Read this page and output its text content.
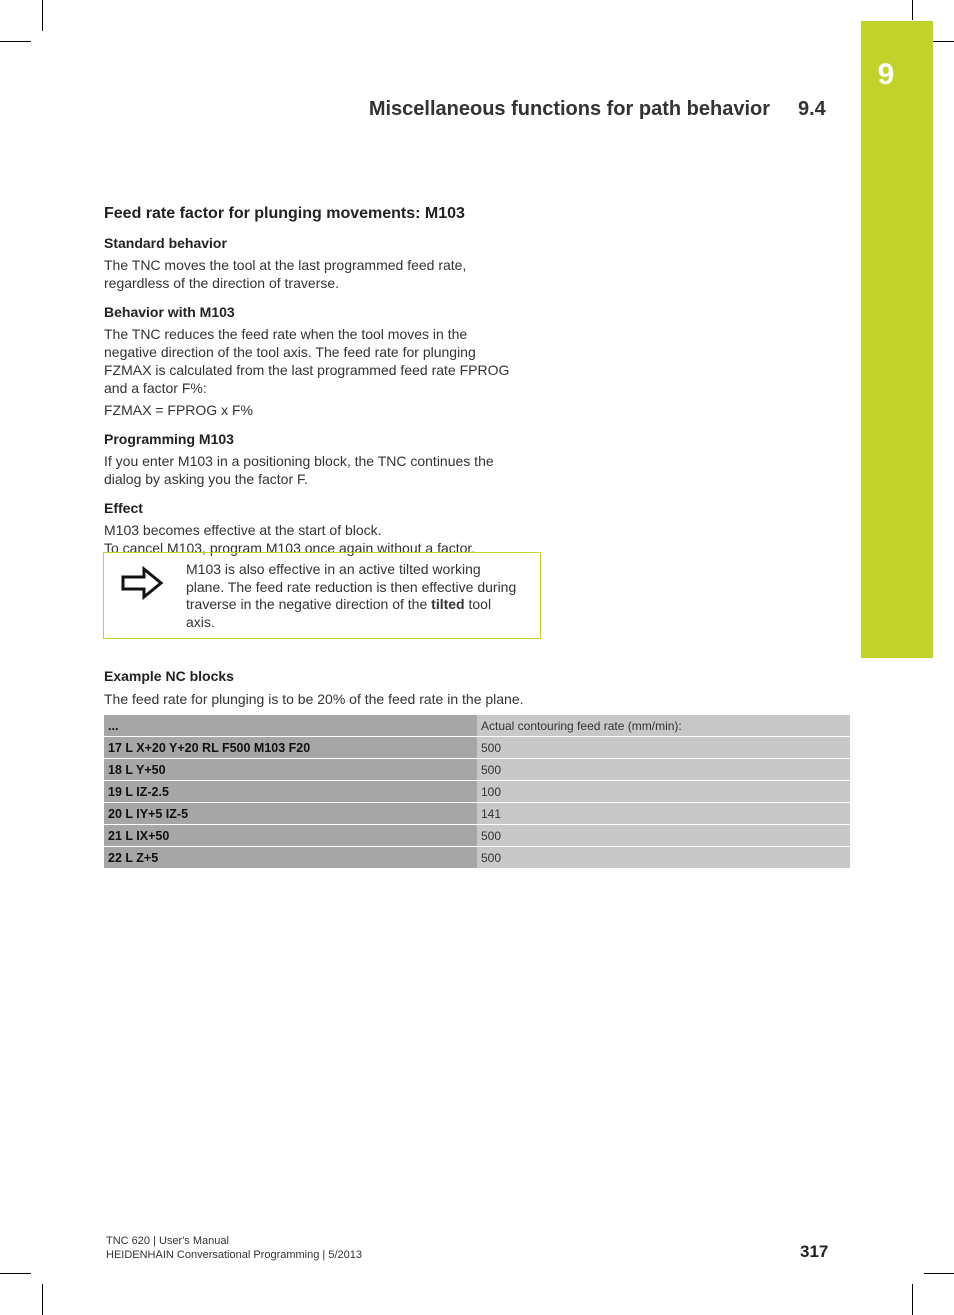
9
Miscellaneous functions for path behavior 9.4
Feed rate factor for plunging movements: M103
Standard behavior

The TNC moves the tool at the last programmed feed rate,
regardless of the direction of traverse.

Behavior with M103

The TNC reduces the feed rate when the tool moves in the
negative direction of the tool axis. The feed rate for plunging
FZMAX is calculated from the last programmed feed rate FPROG
and a factor F%:

FZMAX = FPROG x F%

Programming M103

If you enter M103 in a positioning block, the TNC continues the
dialog by asking you the factor F.

Effect

M103 becomes effective at the start of block.
To cancel M103, program M103 once again without a factor.

M103 is also effective in an active tilted working
plane. The feed rate reduction is then effective during
traverse in the negative direction of the tilted tool
axis.
Example NC blocks

The feed rate for plunging is to be 20% of the feed rate in the plane.

...	Actual contouring feed rate (mm/min):
17 L X+20 Y+20 RL F500 M103 F20	500
18 L Y+50	500
19 L IZ-2.5	100
20 L IY+5 IZ-5	141
21 L IX+50	500
22 L Z+5	500
TNC 620 | User's Manual
HEIDENHAIN Conversational Programming | 5/2013	317
